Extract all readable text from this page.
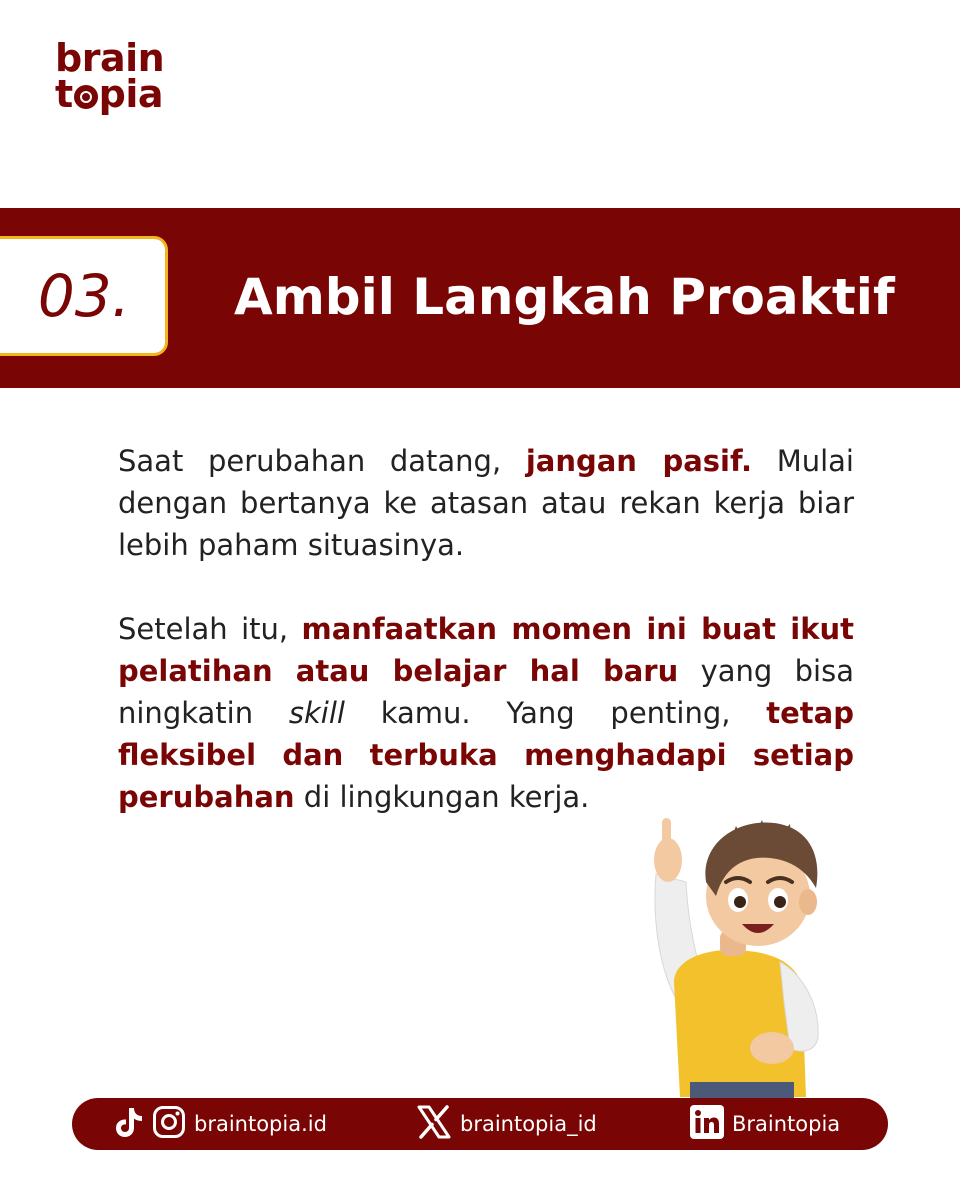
brain
t pia
03. Ambil Langkah Proaktif

Saat perubahan datang, jangan pasif. Mulai dengan bertanya ke atasan atau rekan kerja biar lebih paham situasinya.

Setelah itu, manfaatkan momen ini buat ikut pelatihan atau belajar hal baru yang bisa ningkatin skill kamu. Yang penting, tetap fleksibel dan terbuka menghadapi setiap perubahan di lingkungan kerja.

braintopia.id	braintopia_id	Braintopia
